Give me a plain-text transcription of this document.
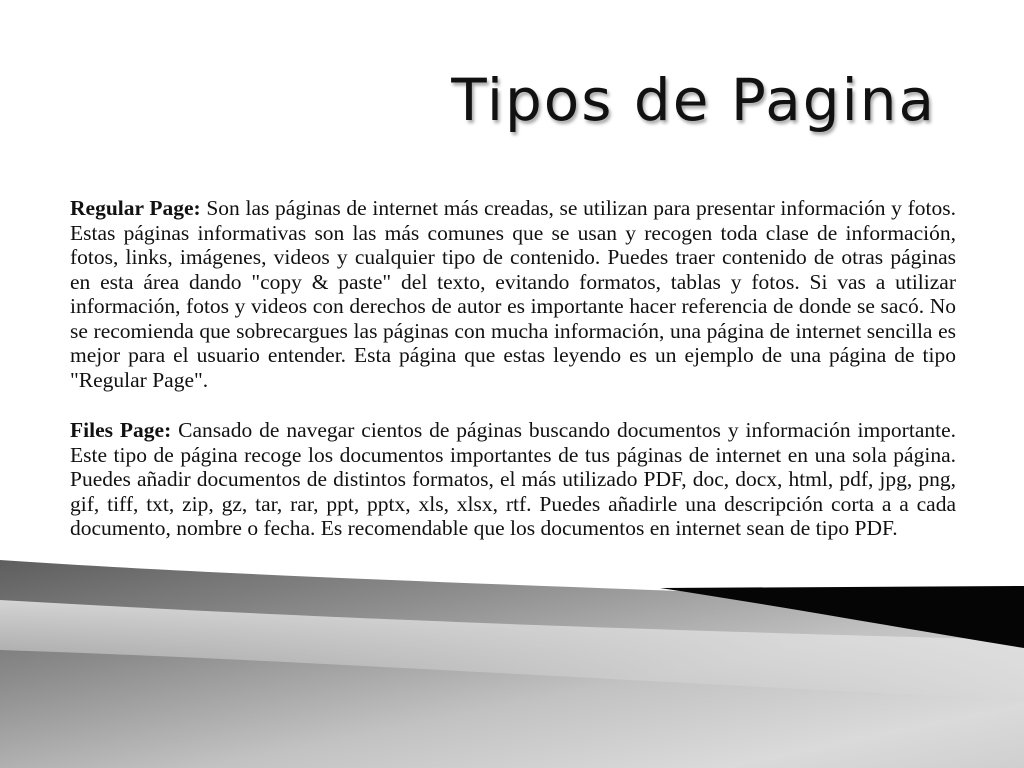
Tipos de Pagina

Regular Page: Son las páginas de internet más creadas, se utilizan para presentar información y fotos. Estas páginas informativas son las más comunes que se usan y recogen toda clase de información, fotos, links, imágenes, videos y cualquier tipo de contenido. Puedes traer contenido de otras páginas en esta área dando "copy & paste" del texto, evitando formatos, tablas y fotos. Si vas a utilizar información, fotos y videos con derechos de autor es importante hacer referencia de donde se sacó. No se recomienda que sobrecargues las páginas con mucha información, una página de internet sencilla es mejor para el usuario entender. Esta página que estas leyendo es un ejemplo de una página de tipo "Regular Page".

Files Page: Cansado de navegar cientos de páginas buscando documentos y información importante. Este tipo de página recoge los documentos importantes de tus páginas de internet en una sola página. Puedes añadir documentos de distintos formatos, el más utilizado PDF, doc, docx, html, pdf, jpg, png, gif, tiff, txt, zip, gz, tar, rar, ppt, pptx, xls, xlsx, rtf. Puedes añadirle una descripción corta a a cada documento, nombre o fecha. Es recomendable que los documentos en internet sean de tipo PDF.
